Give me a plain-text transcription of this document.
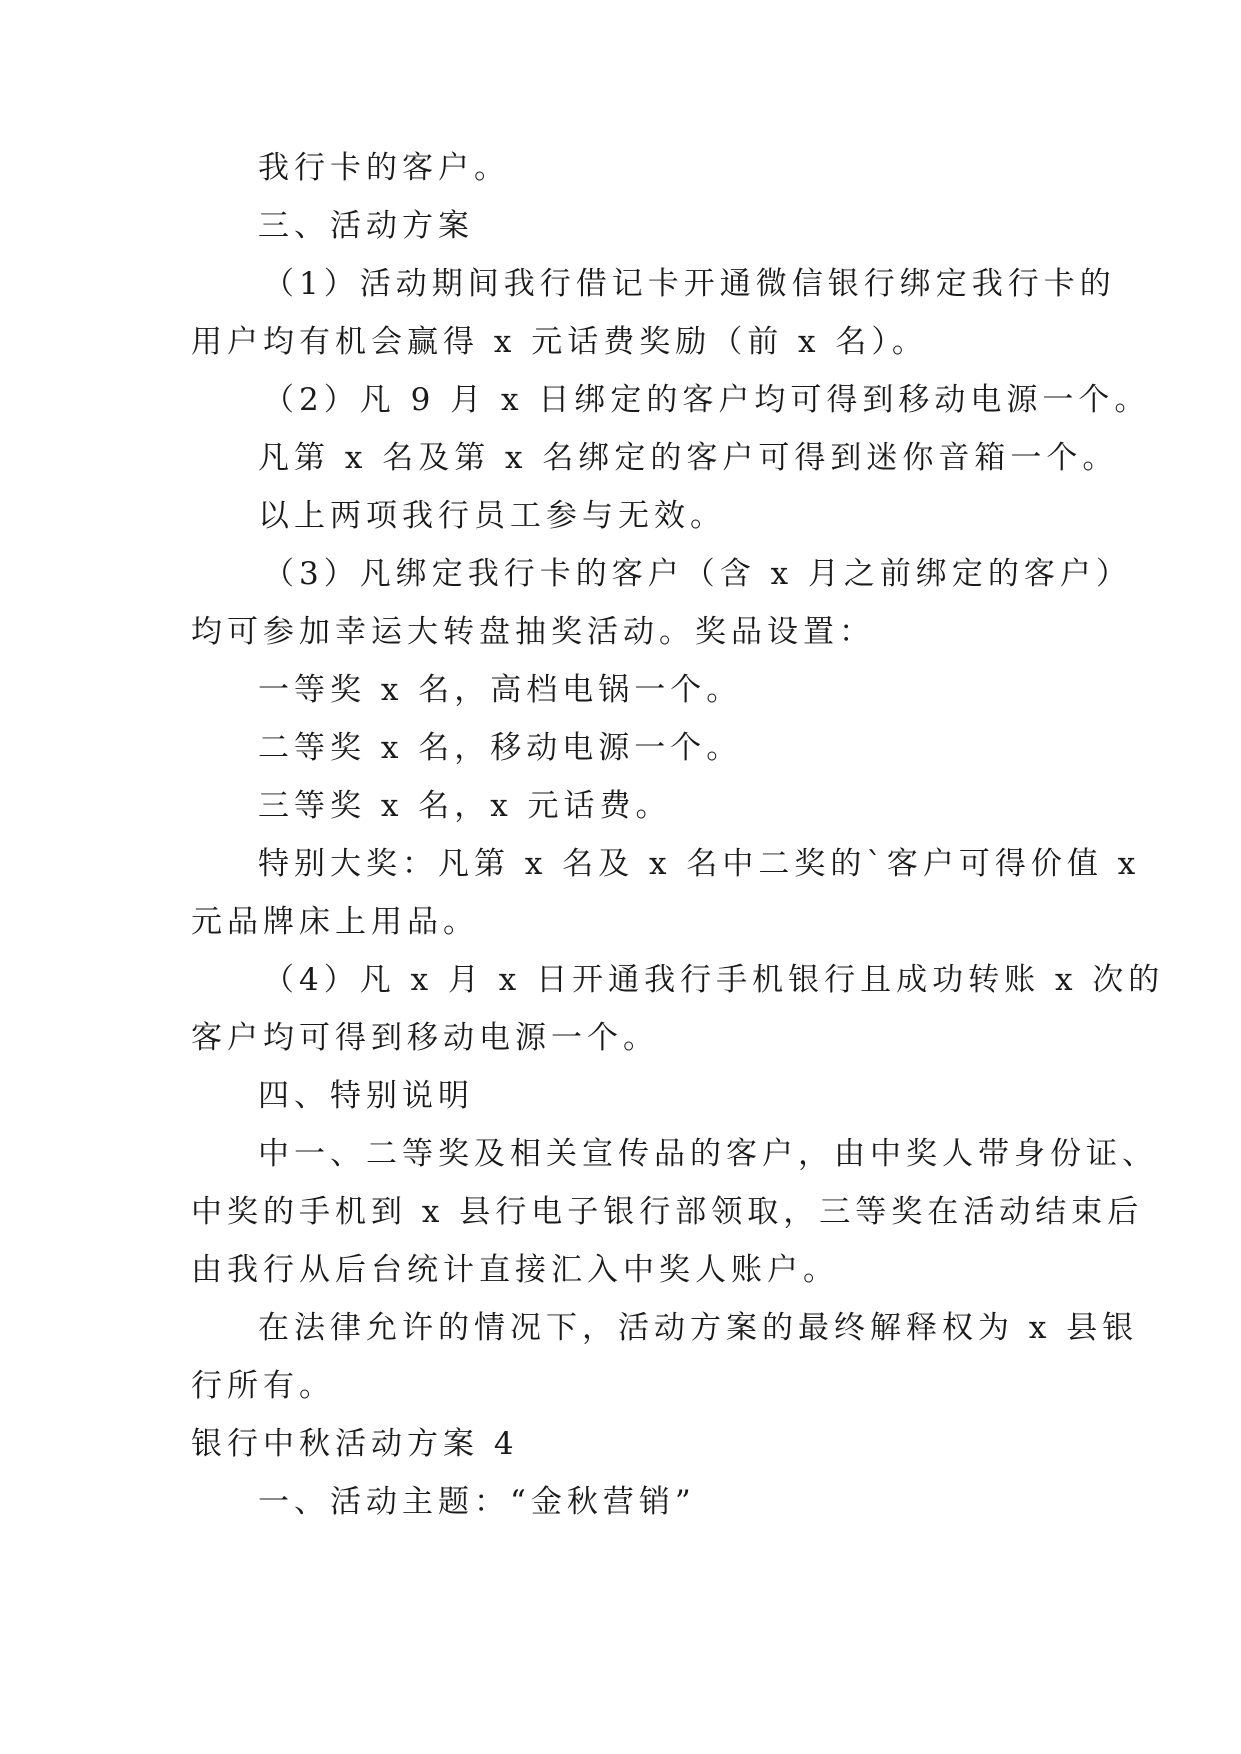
我行卡的客户。
三、活动方案
（1）活动期间我行借记卡开通微信银行绑定我行卡的
用户均有机会赢得 x 元话费奖励（前 x 名）。
（2）凡 9 月 x 日绑定的客户均可得到移动电源一个。
凡第 x 名及第 x 名绑定的客户可得到迷你音箱一个。
以上两项我行员工参与无效。
（3）凡绑定我行卡的客户（含 x 月之前绑定的客户）
均可参加幸运大转盘抽奖活动。奖品设置：
一等奖 x 名，高档电锅一个。
二等奖 x 名，移动电源一个。
三等奖 x 名，x 元话费。
特别大奖：凡第 x 名及 x 名中二奖的`客户可得价值 x
元品牌床上用品。
（4）凡 x 月 x 日开通我行手机银行且成功转账 x 次的
客户均可得到移动电源一个。
四、特别说明
中一、二等奖及相关宣传品的客户，由中奖人带身份证、
中奖的手机到 x 县行电子银行部领取，三等奖在活动结束后
由我行从后台统计直接汇入中奖人账户。
在法律允许的情况下，活动方案的最终解释权为 x 县银
行所有。
银行中秋活动方案 4
一、活动主题：“金秋营销”
